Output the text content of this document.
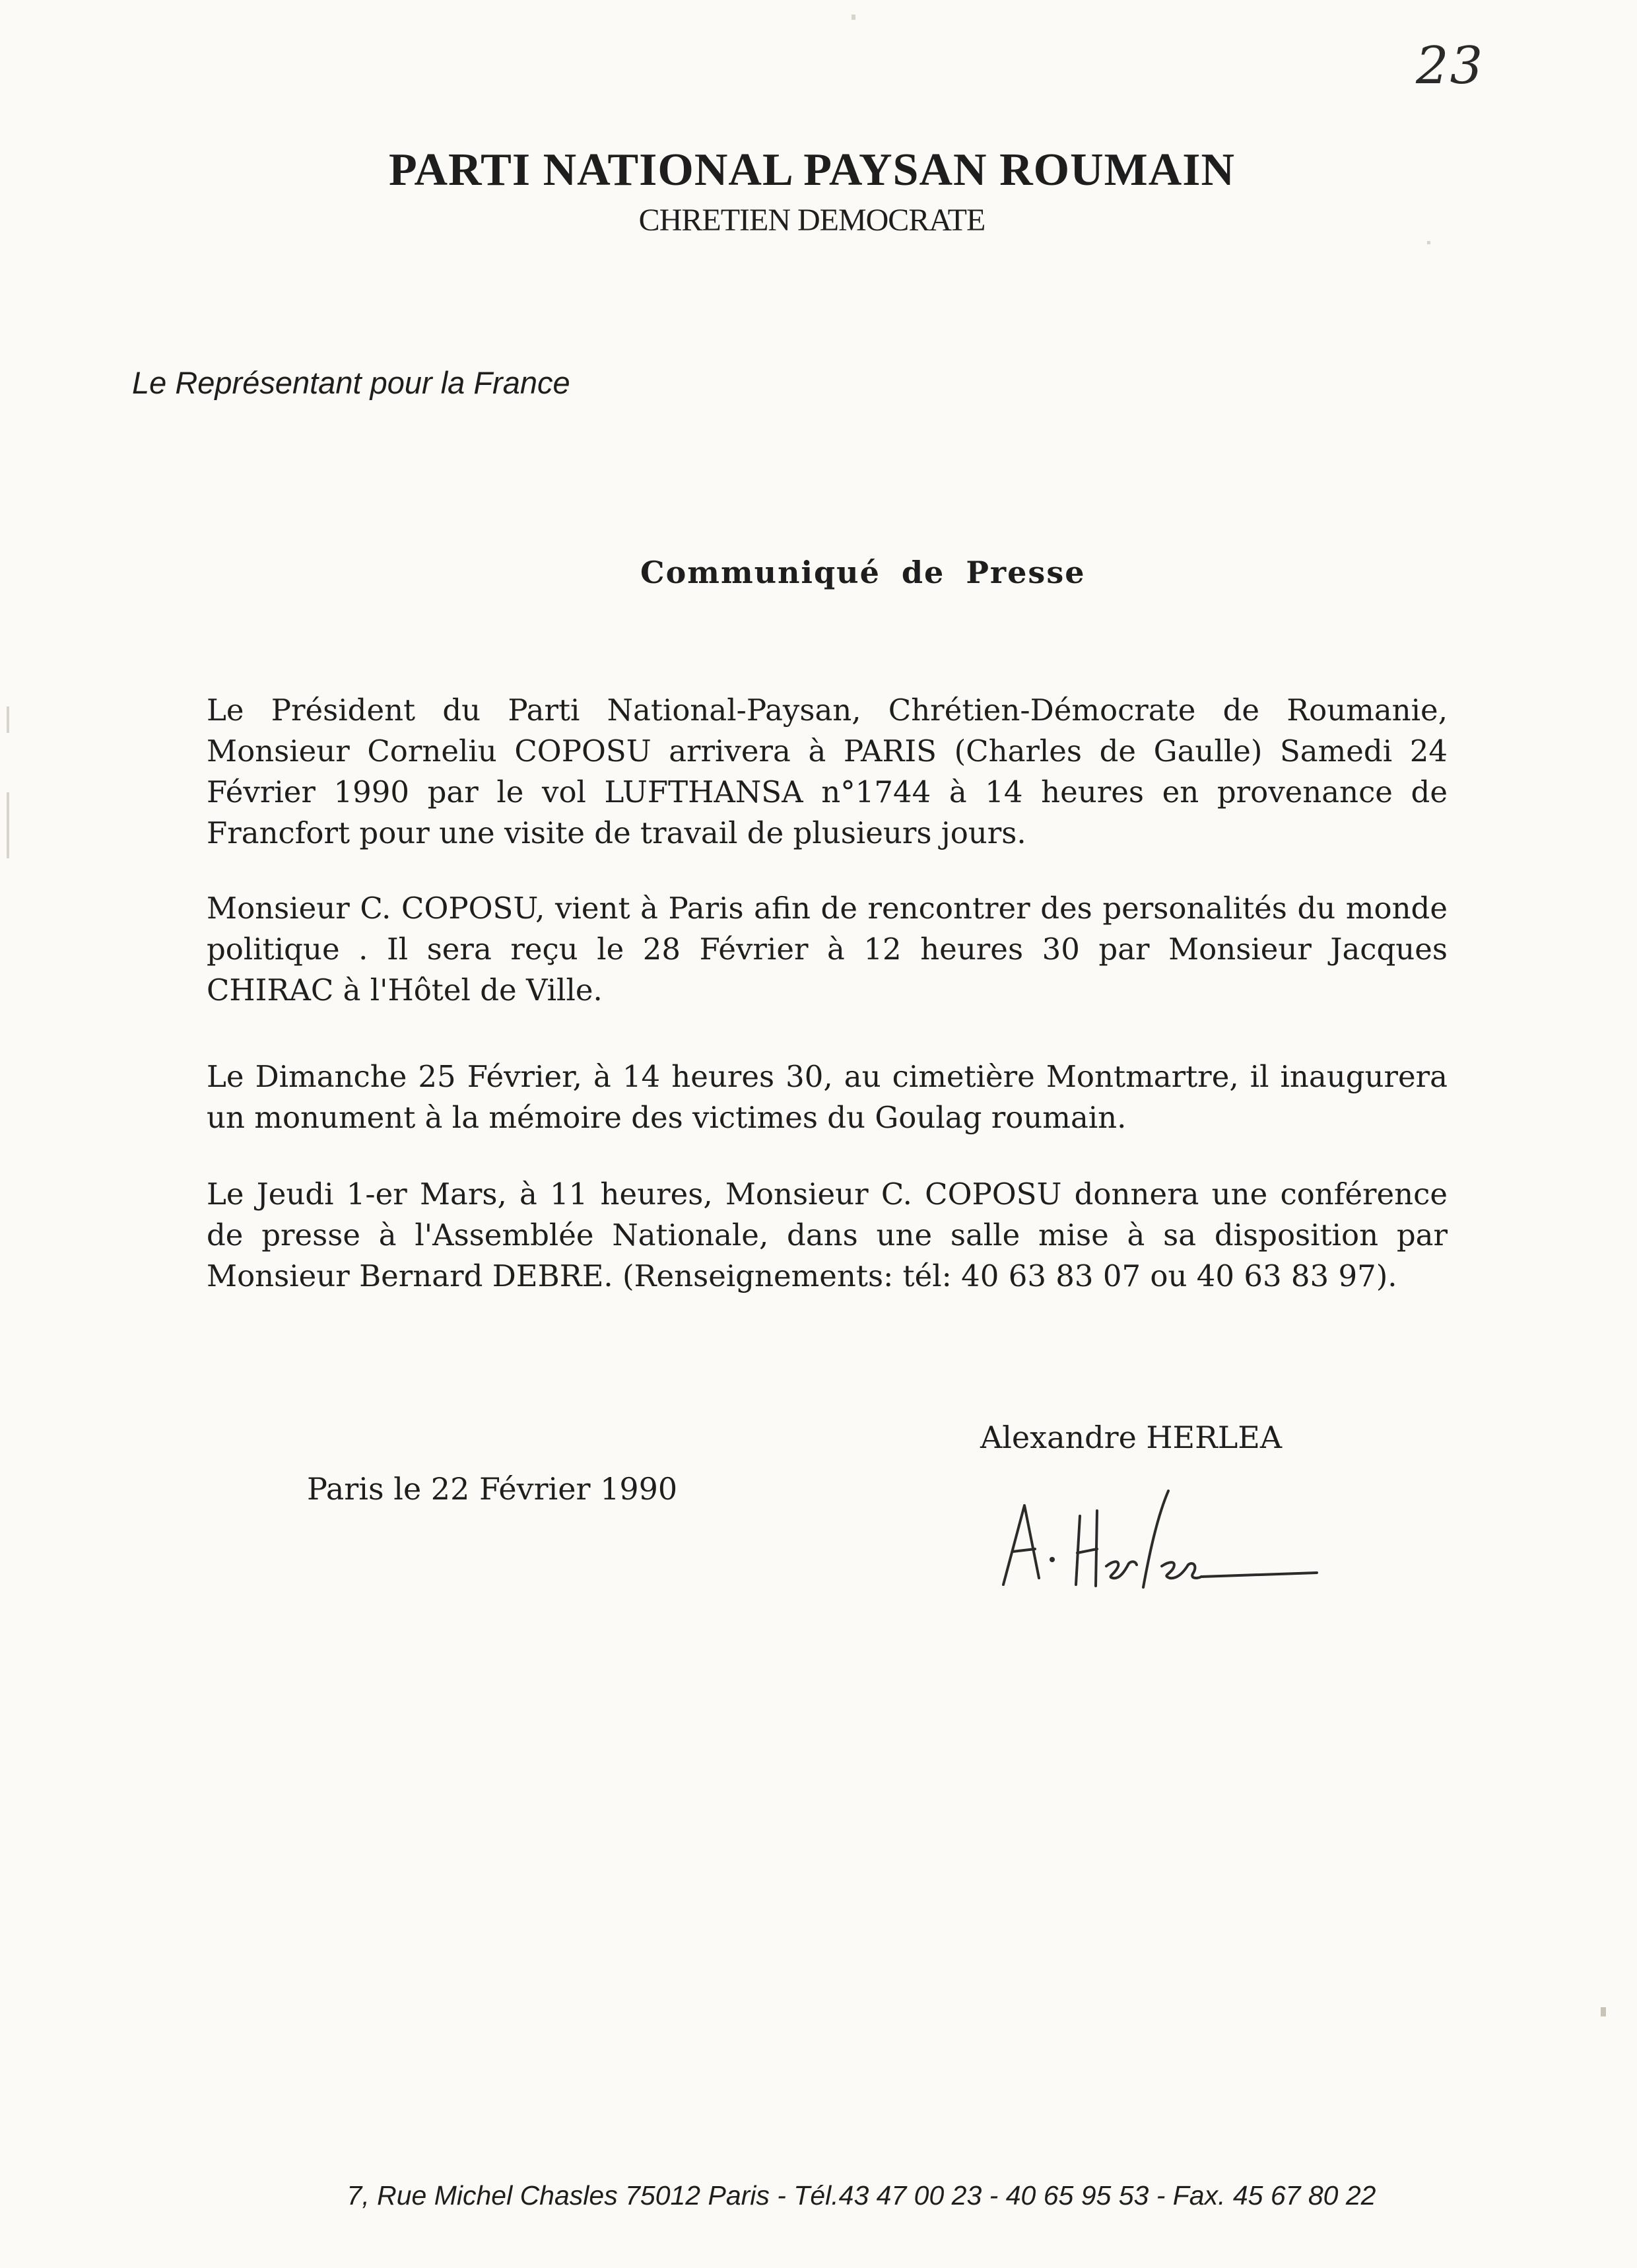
23
PARTI NATIONAL PAYSAN ROUMAIN
CHRETIEN DEMOCRATE
Le Représentant pour la France
Communiqué de Presse
Le Président du Parti National-Paysan, Chrétien-Démocrate de Roumanie, Monsieur Corneliu COPOSU arrivera à PARIS (Charles de Gaulle) Samedi 24 Février 1990 par le vol LUFTHANSA n°1744 à 14 heures en provenance de Francfort pour une visite de travail de plusieurs jours.
Monsieur C. COPOSU, vient à Paris afin de rencontrer des personalités du monde politique . Il sera reçu le 28 Février à 12 heures 30 par Monsieur Jacques CHIRAC à l'Hôtel de Ville.
Le Dimanche 25 Février, à 14 heures 30, au cimetière Montmartre, il inaugurera un monument à la mémoire des victimes du Goulag roumain.
Le Jeudi 1-er Mars, à 11 heures, Monsieur C. COPOSU donnera une conférence de presse à l'Assemblée Nationale, dans une salle mise à sa disposition par Monsieur Bernard DEBRE. (Renseignements: tél: 40 63 83 07 ou 40 63 83 97).
Alexandre HERLEA
Paris le 22 Février 1990
7, Rue Michel Chasles 75012 Paris - Tél.43 47 00 23 - 40 65 95 53 - Fax. 45 67 80 22
